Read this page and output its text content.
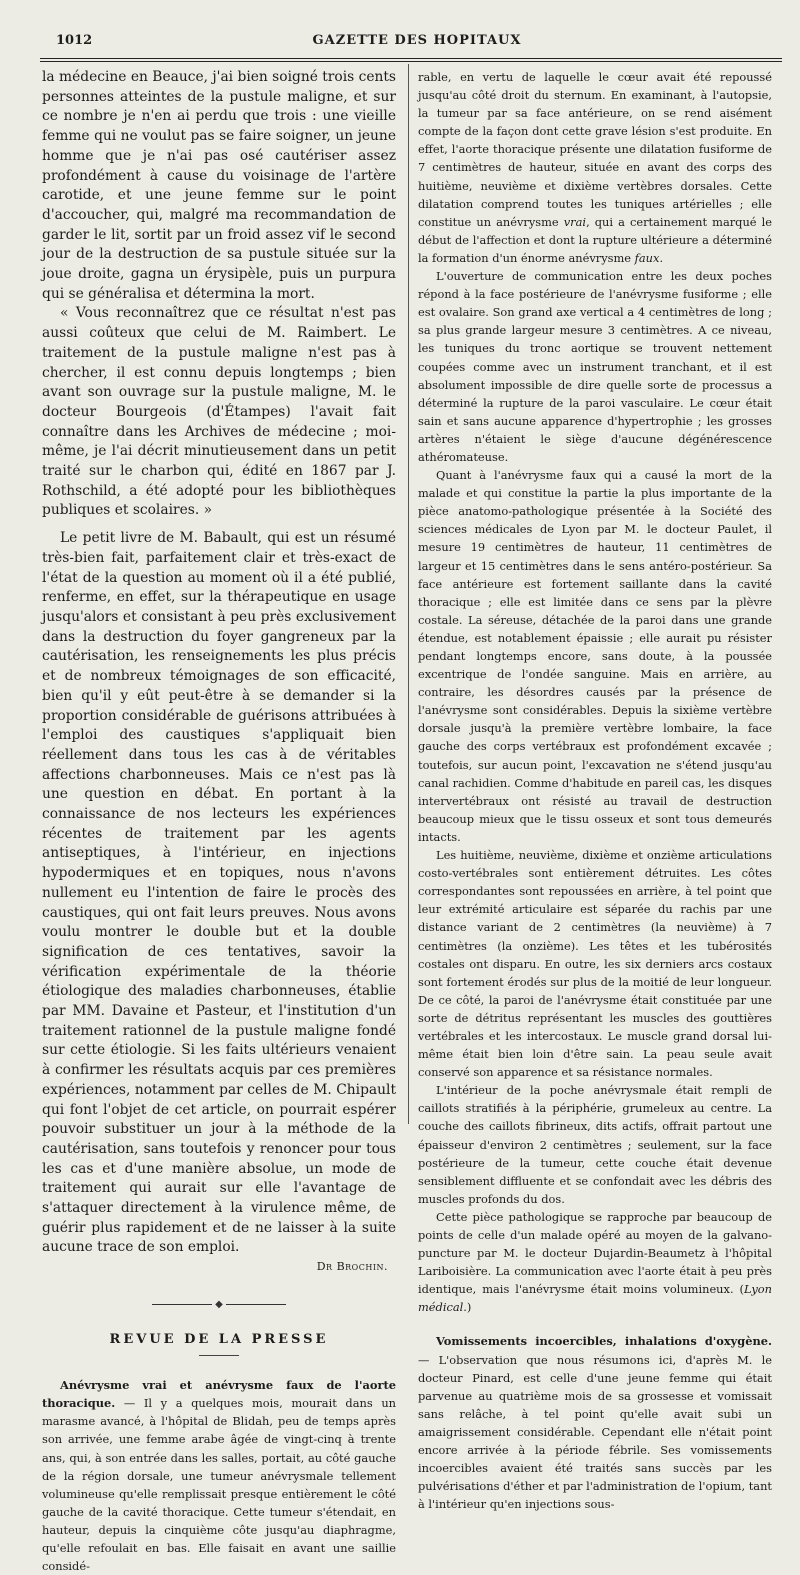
1012	GAZETTE DES HOPITAUX

la médecine en Beauce, j'ai bien soigné trois cents personnes atteintes de la pustule maligne, et sur ce nombre je n'en ai perdu que trois : une vieille femme qui ne voulut pas se faire soigner, un jeune homme que je n'ai pas osé cautériser assez profondément à cause du voisinage de l'artère carotide, et une jeune femme sur le point d'accoucher, qui, malgré ma recommandation de garder le lit, sortit par un froid assez vif le second jour de la destruction de sa pustule située sur la joue droite, gagna un érysipèle, puis un purpura qui se généralisa et détermina la mort.

« Vous reconnaîtrez que ce résultat n'est pas aussi coûteux que celui de M. Raimbert. Le traitement de la pustule maligne n'est pas à chercher, il est connu depuis longtemps ; bien avant son ouvrage sur la pustule maligne, M. le docteur Bourgeois (d'Étampes) l'avait fait connaître dans les Archives de médecine ; moi-même, je l'ai décrit minutieusement dans un petit traité sur le charbon qui, édité en 1867 par J. Rothschild, a été adopté pour les bibliothèques publiques et scolaires. »

Le petit livre de M. Babault, qui est un résumé très-bien fait, parfaitement clair et très-exact de l'état de la question au moment où il a été publié, renferme, en effet, sur la thérapeutique en usage jusqu'alors et consistant à peu près exclusivement dans la destruction du foyer gangreneux par la cautérisation, les renseignements les plus précis et de nombreux témoignages de son efficacité, bien qu'il y eût peut-être à se demander si la proportion considérable de guérisons attribuées à l'emploi des caustiques s'appliquait bien réellement dans tous les cas à de véritables affections charbonneuses. Mais ce n'est pas là une question en débat. En portant à la connaissance de nos lecteurs les expériences récentes de traitement par les agents antiseptiques, à l'intérieur, en injections hypodermiques et en topiques, nous n'avons nullement eu l'intention de faire le procès des caustiques, qui ont fait leurs preuves. Nous avons voulu montrer le double but et la double signification de ces tentatives, savoir la vérification expérimentale de la théorie étiologique des maladies charbonneuses, établie par MM. Davaine et Pasteur, et l'institution d'un traitement rationnel de la pustule maligne fondé sur cette étiologie. Si les faits ultérieurs venaient à confirmer les résultats acquis par ces premières expériences, notamment par celles de M. Chipault qui font l'objet de cet article, on pourrait espérer pouvoir substituer un jour à la méthode de la cautérisation, sans toutefois y renoncer pour tous les cas et d'une manière absolue, un mode de traitement qui aurait sur elle l'avantage de s'attaquer directement à la virulence même, de guérir plus rapidement et de ne laisser à la suite aucune trace de son emploi.

Dr Brochin.
◆
REVUE DE LA PRESSE

Anévrysme vrai et anévrysme faux de l'aorte thoracique. — Il y a quelques mois, mourait dans un marasme avancé, à l'hôpital de Blidah, peu de temps après son arrivée, une femme arabe âgée de vingt-cinq à trente ans, qui, à son entrée dans les salles, portait, au côté gauche de la région dorsale, une tumeur anévrysmale tellement volumineuse qu'elle remplissait presque entièrement le côté gauche de la cavité thoracique. Cette tumeur s'étendait, en hauteur, depuis la cinquième côte jusqu'au diaphragme, qu'elle refoulait en bas. Elle faisait en avant une saillie considé-

rable, en vertu de laquelle le cœur avait été repoussé jusqu'au côté droit du sternum. En examinant, à l'autopsie, la tumeur par sa face antérieure, on se rend aisément compte de la façon dont cette grave lésion s'est produite. En effet, l'aorte thoracique présente une dilatation fusiforme de 7 centimètres de hauteur, située en avant des corps des huitième, neuvième et dixième vertèbres dorsales. Cette dilatation comprend toutes les tuniques artérielles ; elle constitue un anévrysme vrai, qui a certainement marqué le début de l'affection et dont la rupture ultérieure a déterminé la formation d'un énorme anévrysme faux.

L'ouverture de communication entre les deux poches répond à la face postérieure de l'anévrysme fusiforme ; elle est ovalaire. Son grand axe vertical a 4 centimètres de long ; sa plus grande largeur mesure 3 centimètres. A ce niveau, les tuniques du tronc aortique se trouvent nettement coupées comme avec un instrument tranchant, et il est absolument impossible de dire quelle sorte de processus a déterminé la rupture de la paroi vasculaire. Le cœur était sain et sans aucune apparence d'hypertrophie ; les grosses artères n'étaient le siège d'aucune dégénérescence athéromateuse.

Quant à l'anévrysme faux qui a causé la mort de la malade et qui constitue la partie la plus importante de la pièce anatomo-pathologique présentée à la Société des sciences médicales de Lyon par M. le docteur Paulet, il mesure 19 centimètres de hauteur, 11 centimètres de largeur et 15 centimètres dans le sens antéro-postérieur. Sa face antérieure est fortement saillante dans la cavité thoracique ; elle est limitée dans ce sens par la plèvre costale. La séreuse, détachée de la paroi dans une grande étendue, est notablement épaissie ; elle aurait pu résister pendant longtemps encore, sans doute, à la poussée excentrique de l'ondée sanguine. Mais en arrière, au contraire, les désordres causés par la présence de l'anévrysme sont considérables. Depuis la sixième vertèbre dorsale jusqu'à la première vertèbre lombaire, la face gauche des corps vertébraux est profondément excavée ; toutefois, sur aucun point, l'excavation ne s'étend jusqu'au canal rachidien. Comme d'habitude en pareil cas, les disques intervertébraux ont résisté au travail de destruction beaucoup mieux que le tissu osseux et sont tous demeurés intacts.

Les huitième, neuvième, dixième et onzième articulations costo-vertébrales sont entièrement détruites. Les côtes correspondantes sont repoussées en arrière, à tel point que leur extrémité articulaire est séparée du rachis par une distance variant de 2 centimètres (la neuvième) à 7 centimètres (la onzième). Les têtes et les tubérosités costales ont disparu. En outre, les six derniers arcs costaux sont fortement érodés sur plus de la moitié de leur longueur. De ce côté, la paroi de l'anévrysme était constituée par une sorte de détritus représentant les muscles des gouttières vertébrales et les intercostaux. Le muscle grand dorsal lui-même était bien loin d'être sain. La peau seule avait conservé son apparence et sa résistance normales.

L'intérieur de la poche anévrysmale était rempli de caillots stratifiés à la périphérie, grumeleux au centre. La couche des caillots fibrineux, dits actifs, offrait partout une épaisseur d'environ 2 centimètres ; seulement, sur la face postérieure de la tumeur, cette couche était devenue sensiblement diffluente et se confondait avec les débris des muscles profonds du dos.

Cette pièce pathologique se rapproche par beaucoup de points de celle d'un malade opéré au moyen de la galvano-puncture par M. le docteur Dujardin-Beaumetz à l'hôpital Lariboisière. La communication avec l'aorte était à peu près identique, mais l'anévrysme était moins volumineux. (Lyon médical.)

Vomissements incoercibles, inhalations d'oxygène. — L'observation que nous résumons ici, d'après M. le docteur Pinard, est celle d'une jeune femme qui était parvenue au quatrième mois de sa grossesse et vomissait sans relâche, à tel point qu'elle avait subi un amaigrissement considérable. Cependant elle n'était point encore arrivée à la période fébrile. Ses vomissements incoercibles avaient été traités sans succès par les pulvérisations d'éther et par l'administration de l'opium, tant à l'intérieur qu'en injections sous-
